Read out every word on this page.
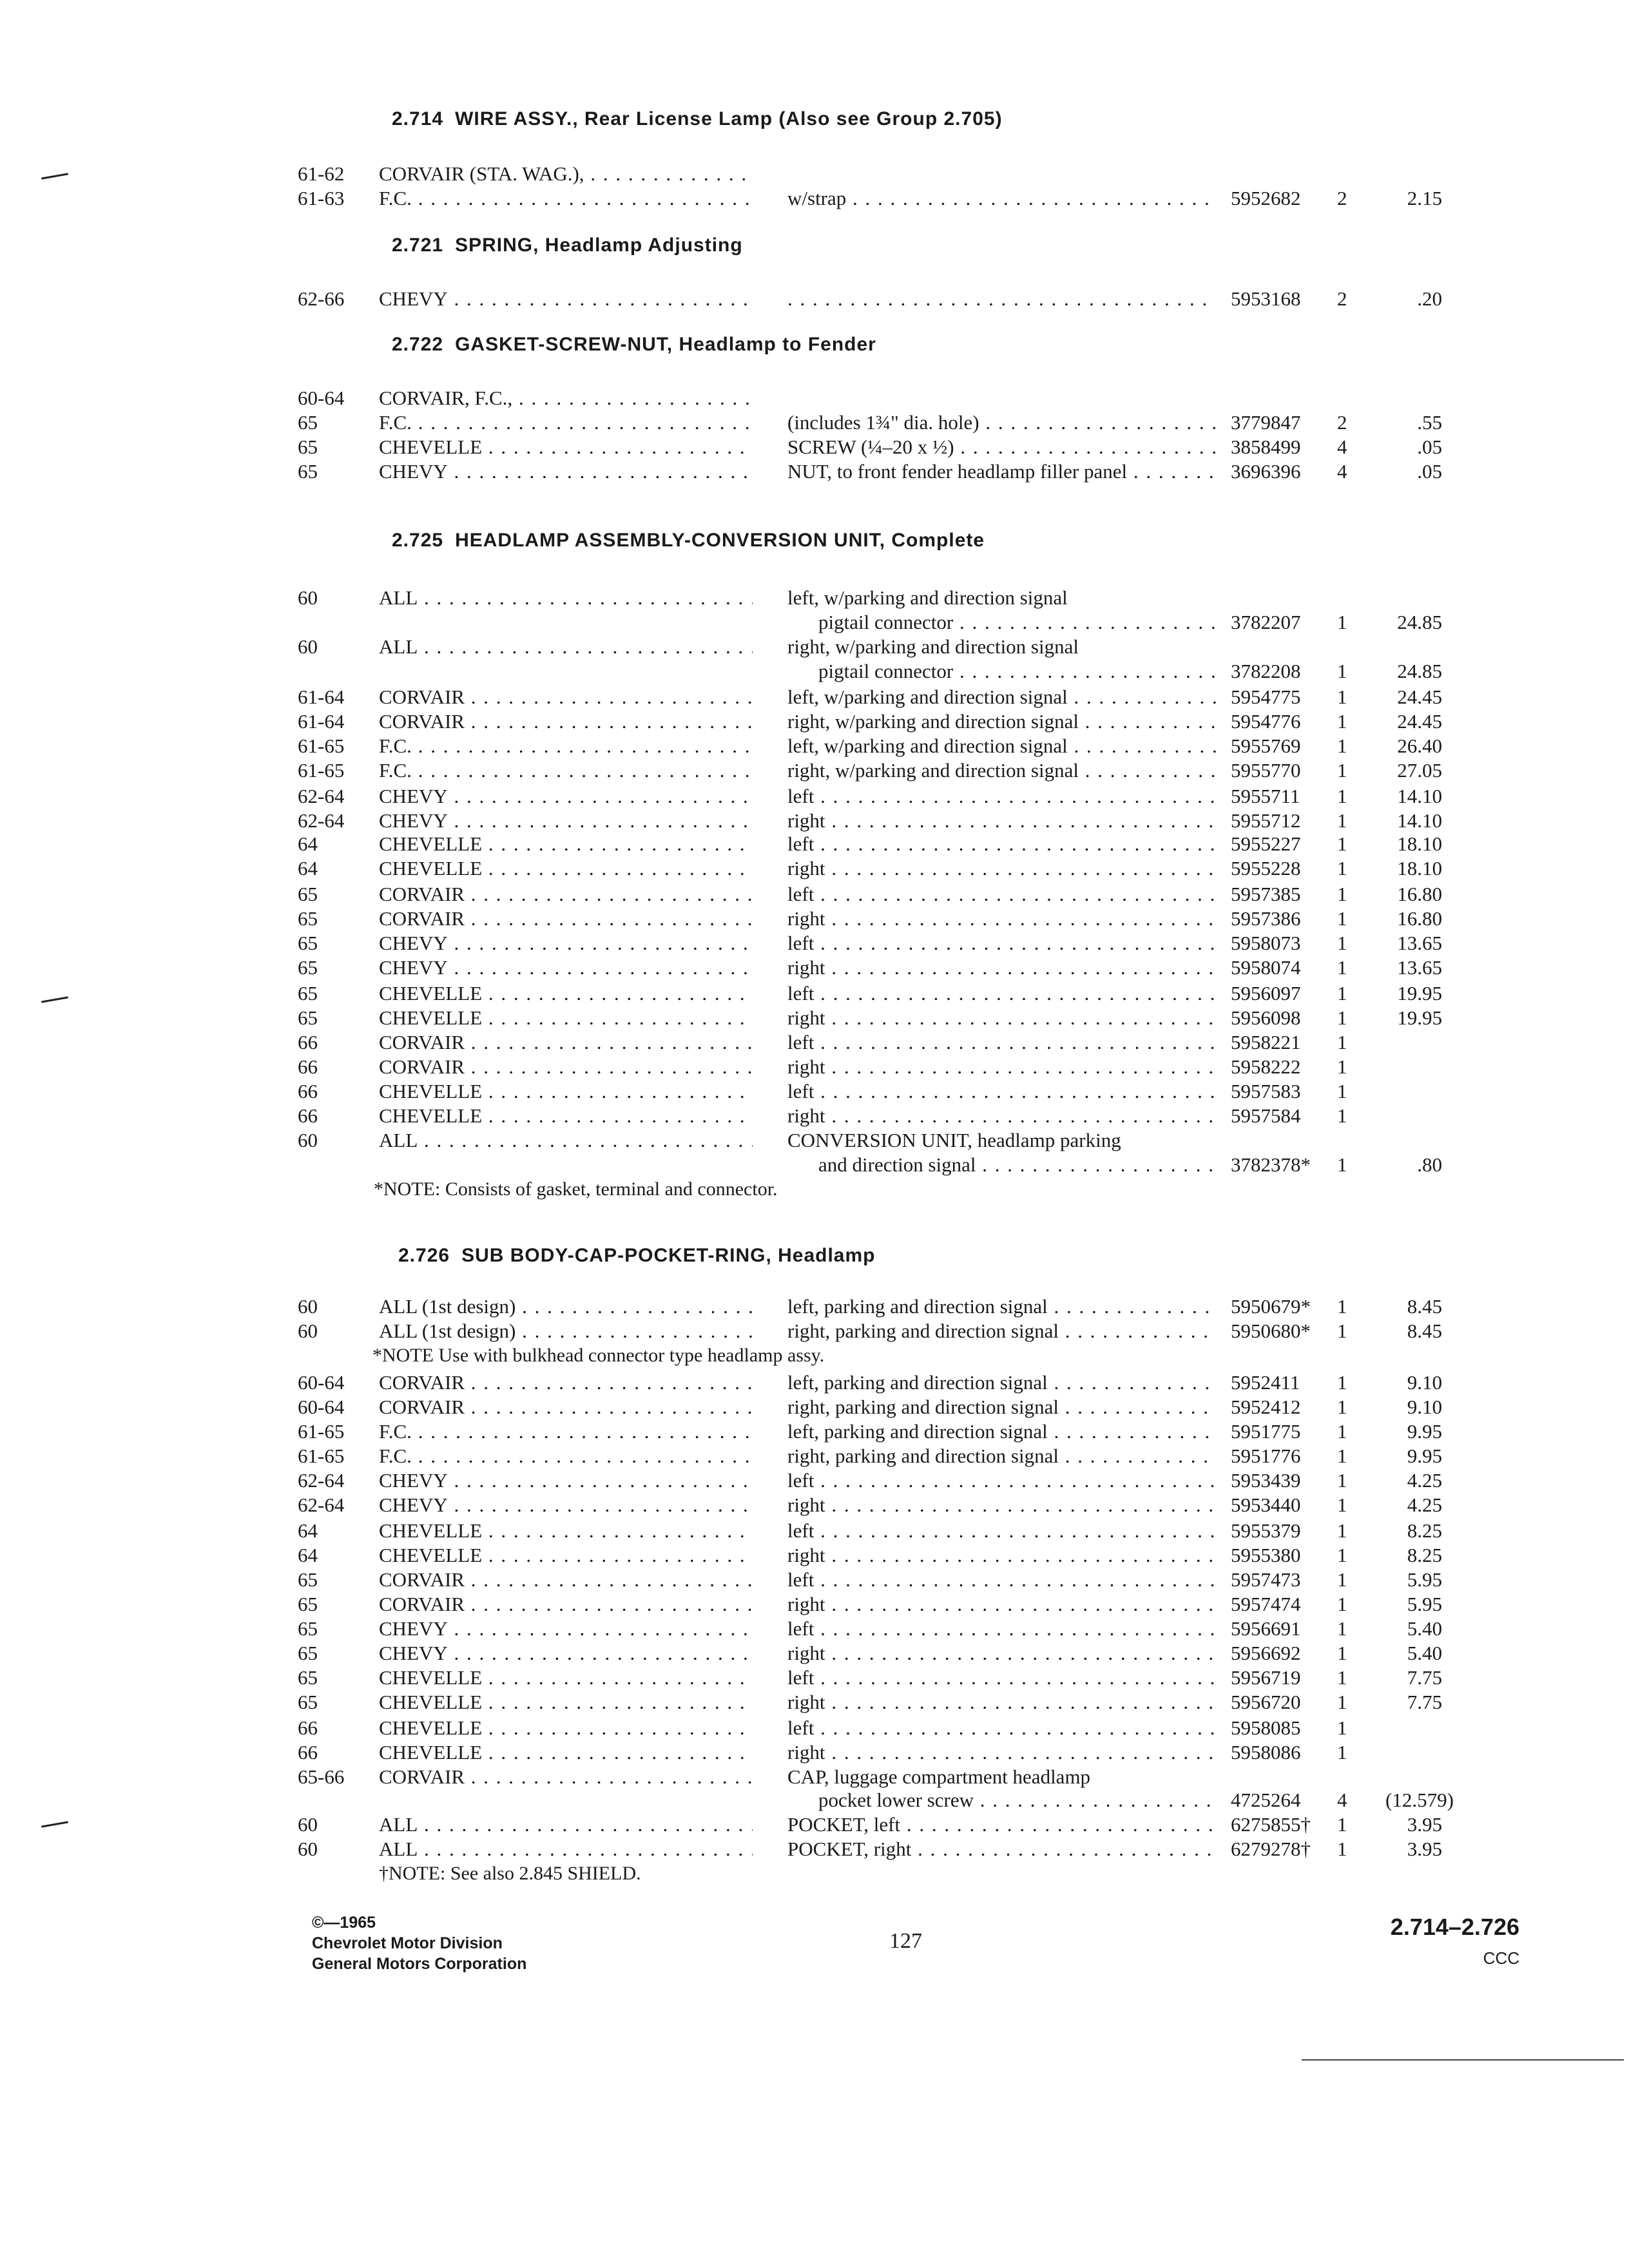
2.714 WIRE ASSY., Rear License Lamp (Also see Group 2.705)
61-62 CORVAIR (STA. WAG.), . . .
61-63 F.C. . . .	w/strap . . .	5952682 2	2.15
2.721 SPRING, Headlamp Adjusting
62-66 CHEVY . . .
. . .	5953168 2	.20
2.722 GASKET-SCREW-NUT, Headlamp to Fender
60-64 CORVAIR, F.C., . . .
65	F.C. . . .	(includes 1¾" dia. hole) . . .	3779847 2	.55
65	CHEVELLE . . .	SCREW (¼–20 x ½) . . .	3858499 4	.05
65	CHEVY . . .	NUT, to front fender headlamp filler panel . . .	3696396 4	.05
2.725 HEADLAMP ASSEMBLY-CONVERSION UNIT, Complete
60	ALL . . .	left, w/parking and direction signal
pigtail connector . . .	3782207 1	24.85
60	ALL . . .	right, w/parking and direction signal
pigtail connector . . .	3782208 1	24.85
61-64 CORVAIR . . .	left, w/parking and direction signal . . .	5954775 1	24.45
61-64 CORVAIR . . .	right, w/parking and direction signal . . .	5954776 1	24.45
61-65 F.C. . . .	left, w/parking and direction signal . . .	5955769 1	26.40
61-65 F.C. . . .	right, w/parking and direction signal . . .	5955770 1	27.05
62-64 CHEVY . . .	left . . .	5955711 1	14.10
62-64 CHEVY . . .	right . . .	5955712 1	14.10
64	CHEVELLE . . .	left . . .	5955227 1	18.10
64	CHEVELLE . . .	right . . .	5955228 1	18.10
65	CORVAIR . . .	left . . .	5957385 1	16.80
65	CORVAIR . . .	right . . .	5957386 1	16.80
65	CHEVY . . .	left . . .	5958073 1	13.65
65	CHEVY . . .	right . . .	5958074 1	13.65
65	CHEVELLE . . .	left . . .	5956097 1	19.95
65	CHEVELLE . . .	right . . .	5956098 1	19.95
66	CORVAIR . . .	left . . .	5958221 1
66	CORVAIR . . .	right . . .	5958222 1
66	CHEVELLE . . .	left . . .	5957583 1
66	CHEVELLE . . .	right . . .	5957584 1
60	ALL . . .	CONVERSION UNIT, headlamp parking
and direction signal . . .	3782378* 1	.80
*NOTE: Consists of gasket, terminal and connector.
2.726 SUB BODY-CAP-POCKET-RING, Headlamp
60	ALL (1st design) . . .	left, parking and direction signal . . .	5950679* 1	8.45
60	ALL (1st design) . . .	right, parking and direction signal . . .	5950680* 1	8.45
60-64 CORVAIR . . .	left, parking and direction signal . . .	5952411 1	9.10
60-64 CORVAIR . . .	right, parking and direction signal . . .	5952412 1	9.10
61-65 F.C. . . .	left, parking and direction signal . . .	5951775 1	9.95
61-65 F.C. . . .	right, parking and direction signal . . .	5951776 1	9.95
62-64 CHEVY . . .	left . . .	5953439 1	4.25
62-64 CHEVY . . .	right . . .	5953440 1	4.25
64	CHEVELLE . . .	left . . .	5955379 1	8.25
64	CHEVELLE . . .	right . . .	5955380 1	8.25
65	CORVAIR . . .	left . . .	5957473 1	5.95
65	CORVAIR . . .	right . . .	5957474 1	5.95
65	CHEVY . . .	left . . .	5956691 1	5.40
65	CHEVY . . .	right . . .	5956692 1	5.40
65	CHEVELLE . . .	left . . .	5956719 1	7.75
65	CHEVELLE . . .	right . . .	5956720 1	7.75
66	CHEVELLE . . .	left . . .	5958085 1
66	CHEVELLE . . .	right . . .	5958086 1
65-66 CORVAIR . . .	CAP, luggage compartment headlamp
pocket lower screw . . .	4725264 4 (12.579)
60	ALL . . .	POCKET, left . . .	6275855† 1	3.95
60	ALL . . .	POCKET, right . . .	6279278† 1	3.95
*NOTE Use with bulkhead connector type headlamp assy.
†NOTE: See also 2.845 SHIELD.
©—1965
Chevrolet Motor Division
General Motors Corporation
127
2.714–2.726
CCC
